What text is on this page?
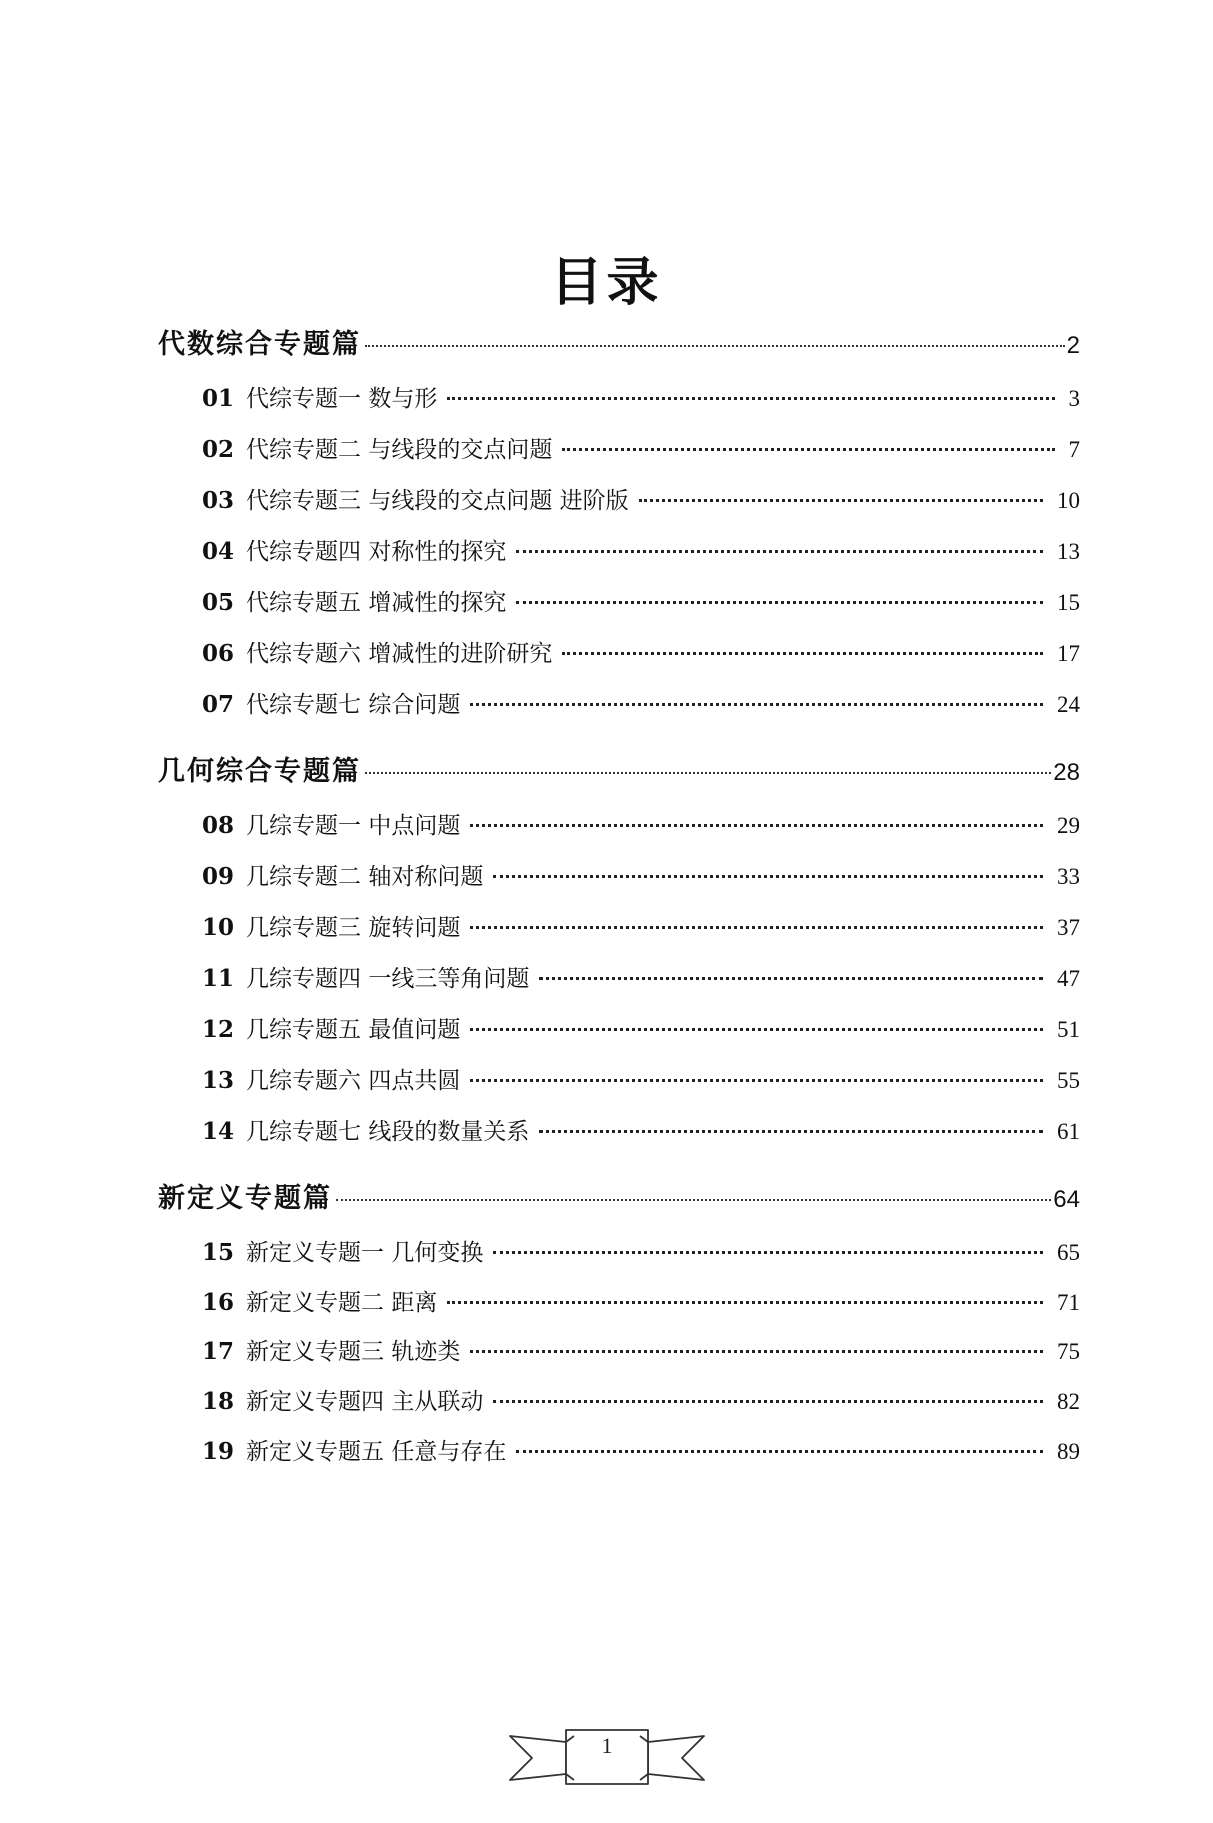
目录
代数综合专题篇	2
01 代综专题一 数与形	3
02 代综专题二 与线段的交点问题	7
03 代综专题三 与线段的交点问题 进阶版	10
04 代综专题四 对称性的探究	13
05 代综专题五 增减性的探究	15
06 代综专题六 增减性的进阶研究	17
07 代综专题七 综合问题	24
几何综合专题篇	28
08 几综专题一 中点问题	29
09 几综专题二 轴对称问题	33
10 几综专题三 旋转问题	37
11 几综专题四 一线三等角问题	47
12 几综专题五 最值问题	51
13 几综专题六 四点共圆	55
14 几综专题七 线段的数量关系	61
新定义专题篇	64
15 新定义专题一 几何变换	65
16 新定义专题二 距离	71
17 新定义专题三 轨迹类	75
18 新定义专题四 主从联动	82
19 新定义专题五 任意与存在	89
1
